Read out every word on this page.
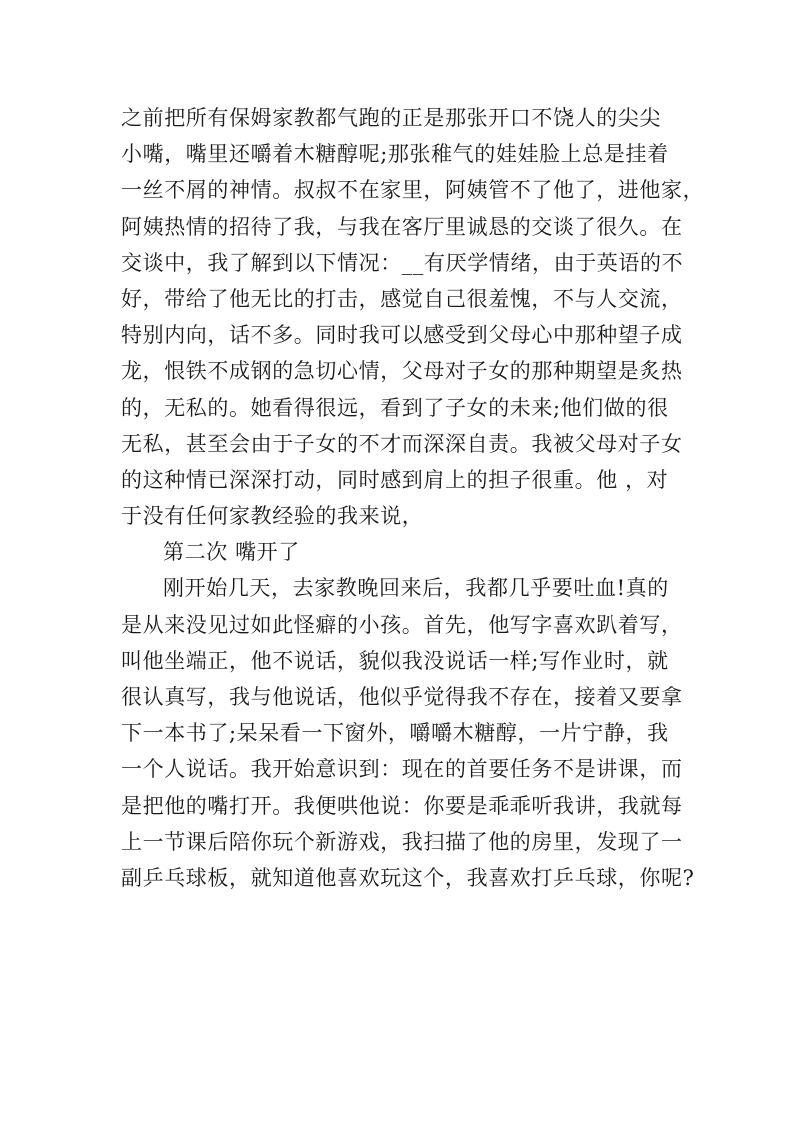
之前把所有保姆家教都气跑的正是那张开口不饶人的尖尖
小嘴，嘴里还嚼着木糖醇呢;那张稚气的娃娃脸上总是挂着
一丝不屑的神情。叔叔不在家里，阿姨管不了他了，进他家，
阿姨热情的招待了我，与我在客厅里诚恳的交谈了很久。在
交谈中，我了解到以下情况：__有厌学情绪，由于英语的不
好，带给了他无比的打击，感觉自己很羞愧，不与人交流，
特别内向，话不多。同时我可以感受到父母心中那种望子成
龙，恨铁不成钢的急切心情，父母对子女的那种期望是炙热
的，无私的。她看得很远，看到了子女的未来;他们做的很
无私，甚至会由于子女的不才而深深自责。我被父母对子女
的这种情已深深打动，同时感到肩上的担子很重。他 ，对
于没有任何家教经验的我来说，
第二次 嘴开了
刚开始几天，去家教晚回来后，我都几乎要吐血!真的
是从来没见过如此怪癖的小孩。首先，他写字喜欢趴着写，
叫他坐端正，他不说话，貌似我没说话一样;写作业时，就
很认真写，我与他说话，他似乎觉得我不存在，接着又要拿
下一本书了;呆呆看一下窗外，嚼嚼木糖醇，一片宁静，我
一个人说话。我开始意识到：现在的首要任务不是讲课，而
是把他的嘴打开。我便哄他说：你要是乖乖听我讲，我就每
上一节课后陪你玩个新游戏，我扫描了他的房里，发现了一
副乒乓球板，就知道他喜欢玩这个，我喜欢打乒乓球，你呢?
